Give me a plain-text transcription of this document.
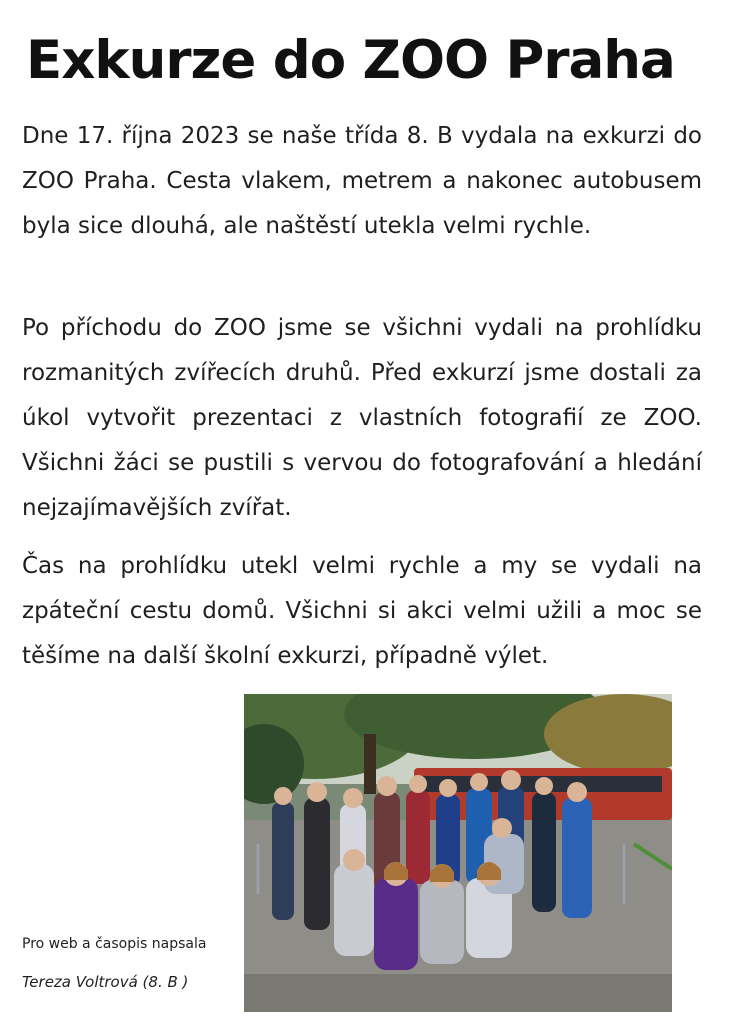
Exkurze do ZOO Praha

Dne 17. října 2023 se naše třída 8. B vydala na exkurzi do ZOO Praha. Cesta vlakem, metrem a nakonec autobusem byla sice dlouhá, ale naštěstí utekla velmi rychle.

Po příchodu do ZOO jsme se všichni vydali na prohlídku rozmanitých zvířecích druhů. Před exkurzí jsme dostali za úkol vytvořit prezentaci z vlastních fotografií ze ZOO. Všichni žáci se pustili s vervou do fotografování a hledání nejzajímavějších zvířat.

Čas na prohlídku utekl velmi rychle a my se vydali na zpáteční cestu domů. Všichni si akci velmi užili a moc se těšíme na další školní exkurzi, případně výlet.

Pro web a časopis napsala

Tereza Voltrová (8. B )
